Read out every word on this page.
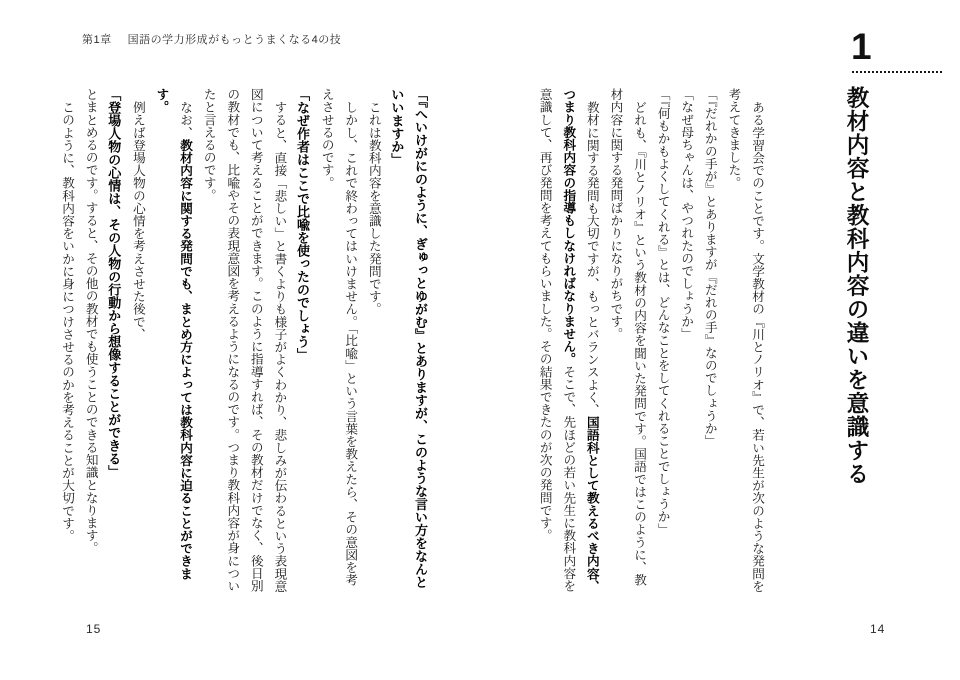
第1章 国語の学力形成がもっとうまくなる4の技	1
教材内容と教科内容の違いを意識する

ある学習会でのことです。文学教材の『川とノリオ』で、若い先生が次のような発問を考えてきました。

「『だれかの手が』とありますが『だれの手』なのでしょうか」

「なぜ母ちゃんは、やつれたのでしょうか」

「『何もかもよくしてくれる』とは、どんなことをしてくれることでしょうか」

どれも、『川とノリオ』という教材の内容を聞いた発問です。国語ではこのように、教材内容に関する発問ばかりになりがちです。

教材に関する発問も大切ですが、もっとバランスよく、国語科として教えるべき内容、つまり教科内容の指導もしなければなりません。そこで、先ほどの若い先生に教科内容を意識して、再び発問を考えてもらいました。その結果できたのが次の発問です。

「『へいけがにのように、ぎゅっとゆがむ』とありますが、このような言い方をなんといいますか」

これは教科内容を意識した発問です。

しかし、これで終わってはいけません。「比喩」という言葉を教えたら、その意図を考えさせるのです。

「なぜ作者はここで比喩を使ったのでしょう」

すると、直接「悲しい」と書くよりも様子がよくわかり、悲しみが伝わるという表現意図について考えることができます。このように指導すれば、その教材だけでなく、後日別の教材でも、比喩やその表現意図を考えるようになるのです。つまり教科内容が身についたと言えるのです。

なお、教材内容に関する発問でも、まとめ方によっては教科内容に迫ることができます。

例えば登場人物の心情を考えさせた後で、

「登場人物の心情は、その人物の行動から想像することができる」

とまとめるのです。すると、その他の教材でも使うことのできる知識となります。

このように、教科内容をいかに身につけさせるのかを考えることが大切です。

15	14
